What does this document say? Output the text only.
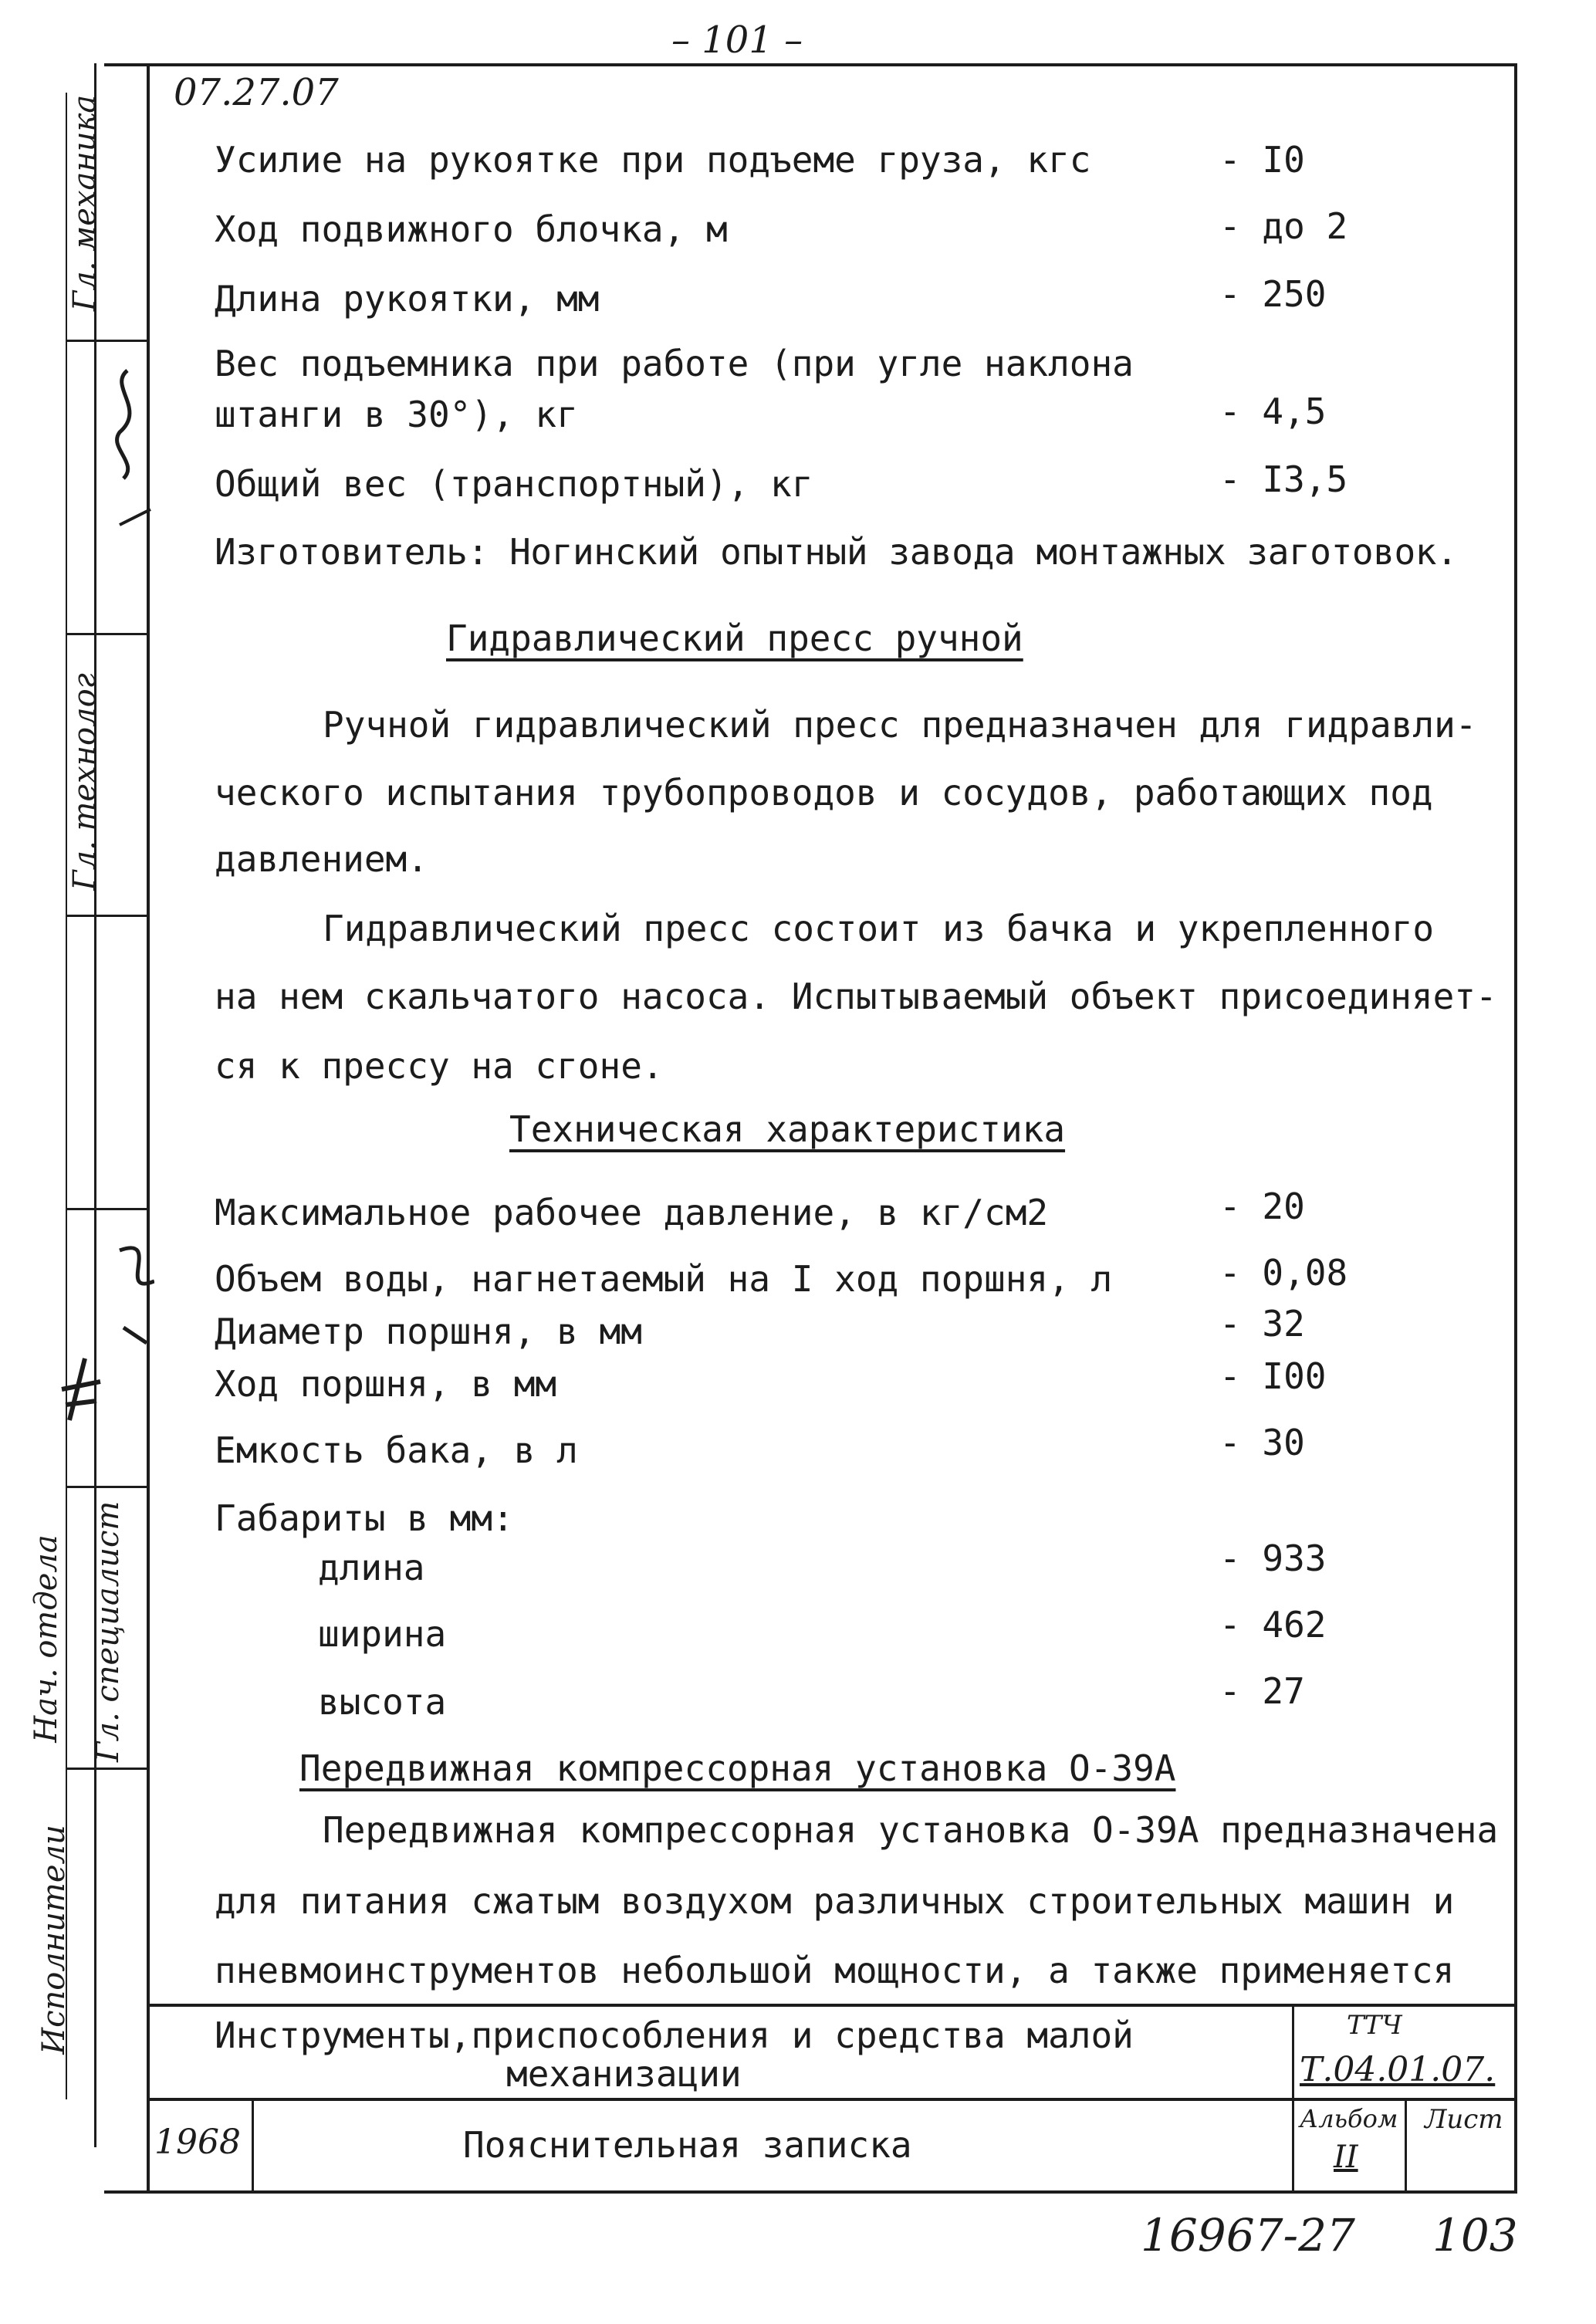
– 101 –
Гл. механика
Гл. технолог
Нач. отдела Гл. специалист
Исполнители
07.27.07
Усилие на рукоятке при подъеме груза, кгс	- I0
Ход подвижного блочка, м	- до 2
Длина рукоятки, мм	- 250
Вес подъемника при работе (при угле наклона
штанги в 30°), кг	- 4,5
Общий вес (транспортный), кг	- I3,5
Изготовитель: Ногинский опытный завода монтажных заготовок.
Гидравлический пресс ручной
Ручной гидравлический пресс предназначен для гидравли-
ческого испытания трубопроводов и сосудов, работающих под
давлением.
Гидравлический пресс состоит из бачка и укрепленного
на нем скальчатого насоса. Испытываемый объект присоединяет-
ся к прессу на сгоне.
Техническая характеристика
Максимальное рабочее давление, в кг/см2	- 20
Объем воды, нагнетаемый на I ход поршня, л	- 0,08
Диаметр поршня, в мм	- 32
Ход поршня, в мм	- I00
Емкость бака, в л	- 30
Габариты в мм:
длина	- 933
ширина	- 462
высота	- 27
Передвижная компрессорная установка О-39А
Передвижная компрессорная установка О-39А предназначена
для питания сжатым воздухом различных строительных машин и
пневмоинструментов небольшой мощности, а также применяется
Инструменты,приспособления и средства малой
механизации
ТТЧ
Т.04.01.07.
1968	Пояснительная записка
Альбом
II
Лист
16967-27 103
